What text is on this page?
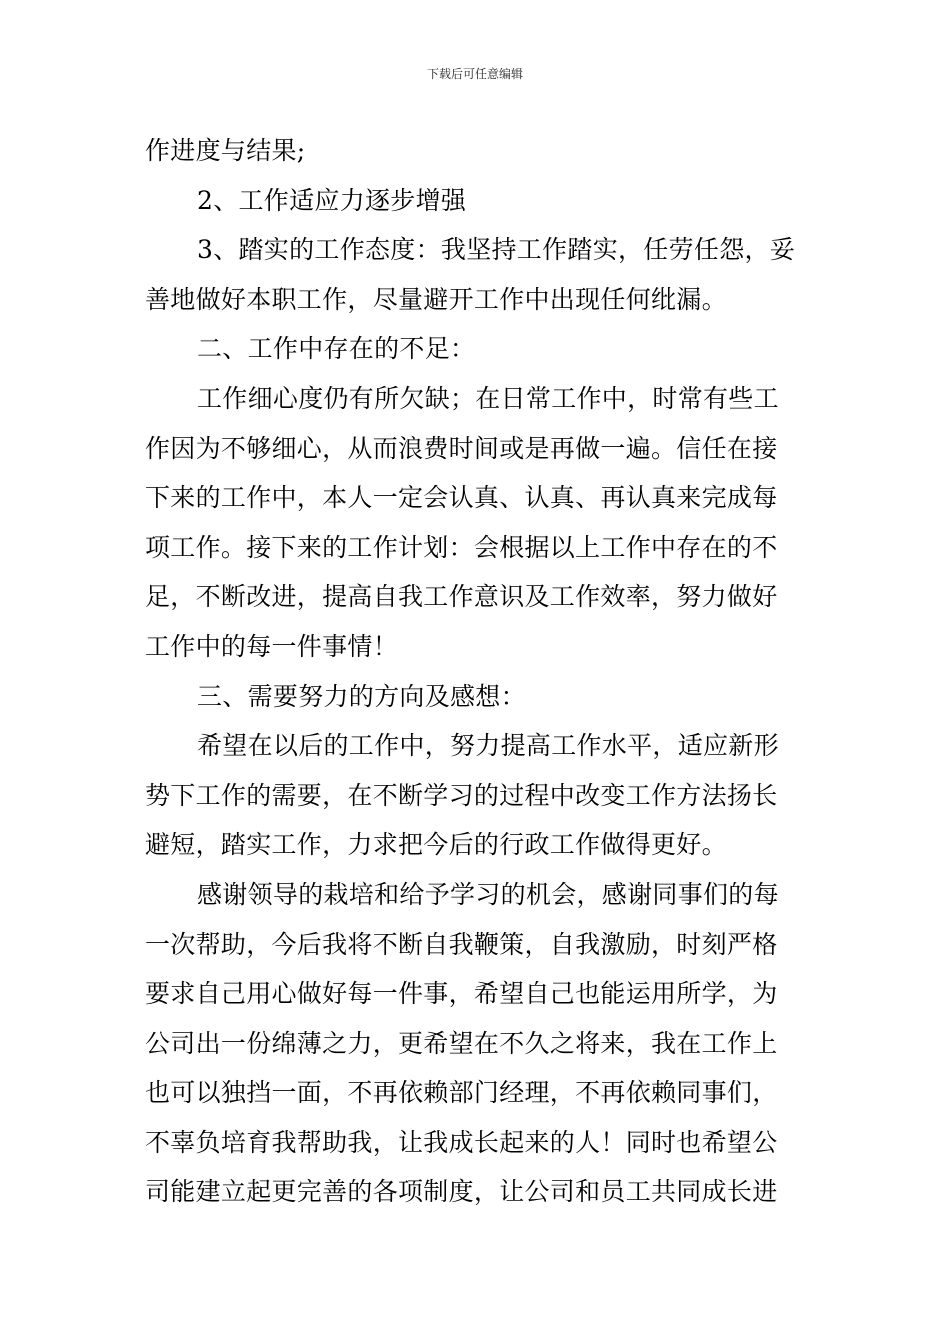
下载后可任意编辑
作进度与结果;
2、工作适应力逐步增强
3、踏实的工作态度：我坚持工作踏实，任劳任怨，妥
善地做好本职工作，尽量避开工作中出现任何纰漏。
二、工作中存在的不足：
工作细心度仍有所欠缺；在日常工作中，时常有些工
作因为不够细心，从而浪费时间或是再做一遍。信任在接
下来的工作中，本人一定会认真、认真、再认真来完成每
项工作。接下来的工作计划：会根据以上工作中存在的不
足，不断改进，提高自我工作意识及工作效率，努力做好
工作中的每一件事情！
三、需要努力的方向及感想：
希望在以后的工作中，努力提高工作水平，适应新形
势下工作的需要，在不断学习的过程中改变工作方法扬长
避短，踏实工作，力求把今后的行政工作做得更好。
感谢领导的栽培和给予学习的机会，感谢同事们的每
一次帮助，今后我将不断自我鞭策，自我激励，时刻严格
要求自己用心做好每一件事，希望自己也能运用所学，为
公司出一份绵薄之力，更希望在不久之将来，我在工作上
也可以独挡一面，不再依赖部门经理，不再依赖同事们，
不辜负培育我帮助我，让我成长起来的人！同时也希望公
司能建立起更完善的各项制度，让公司和员工共同成长进
